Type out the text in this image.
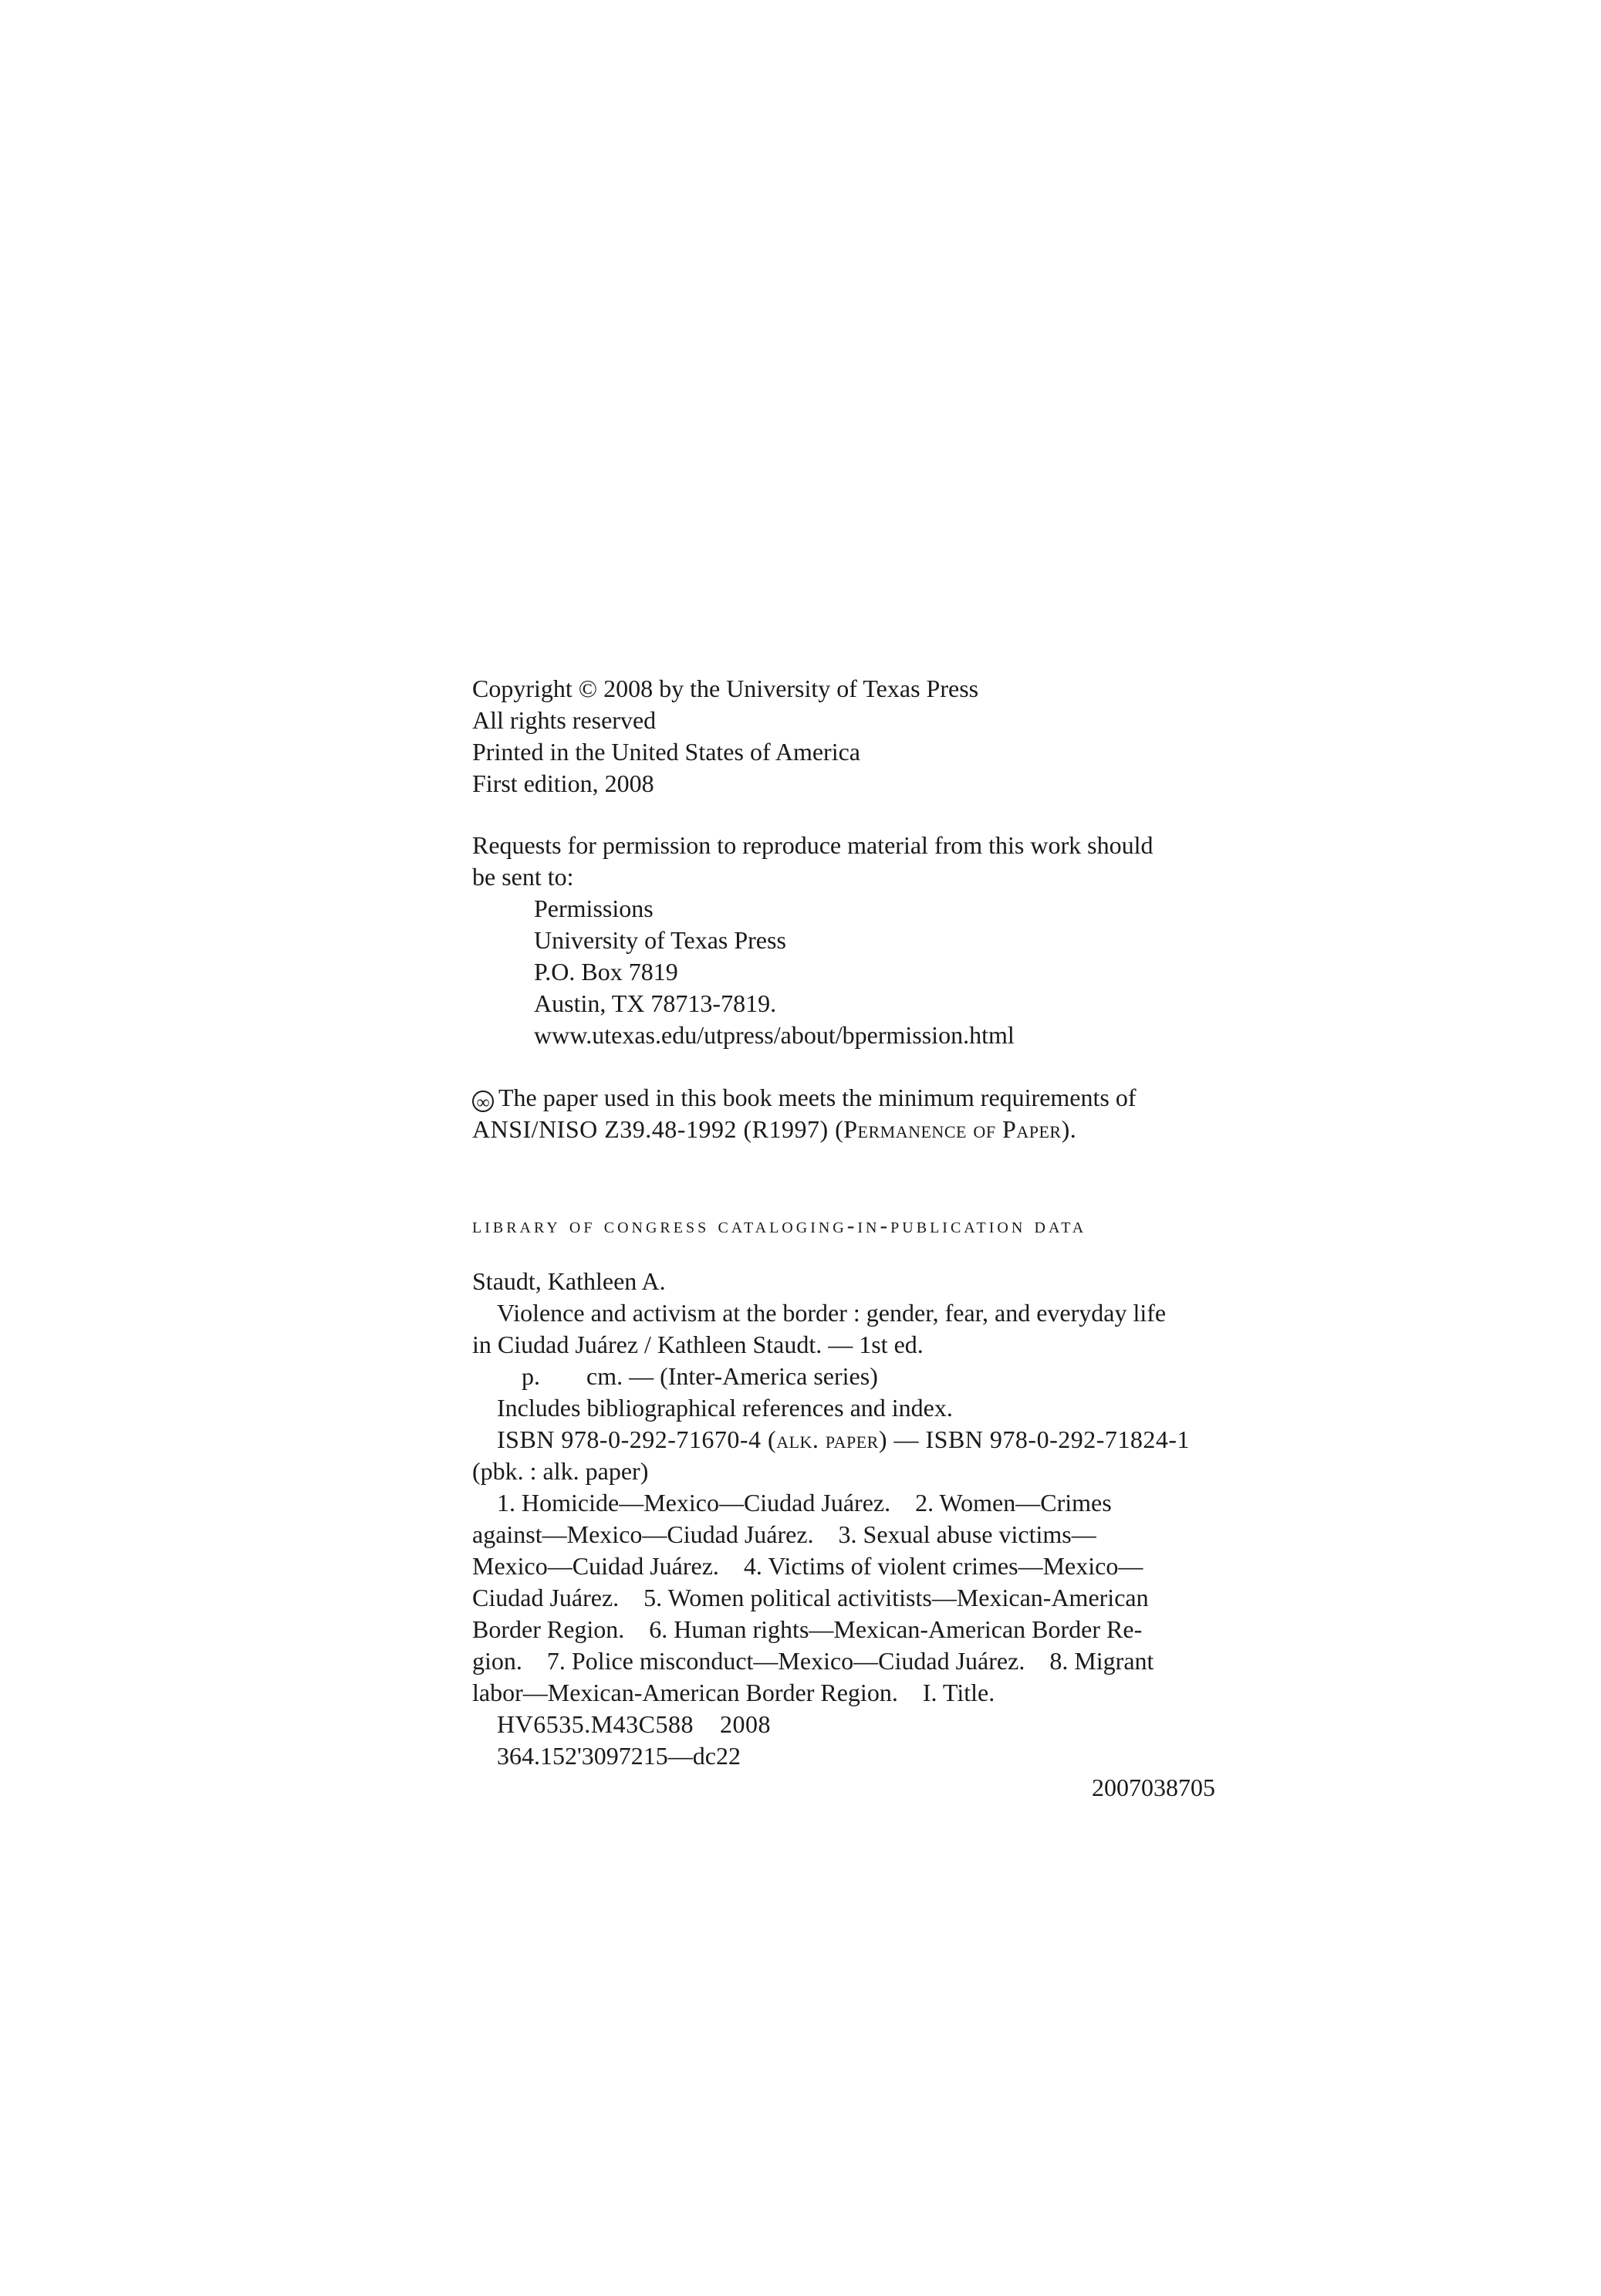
Copyright © 2008 by the University of Texas Press
All rights reserved
Printed in the United States of America
First edition, 2008
Requests for permission to reproduce material from this work should
be sent to:
Permissions
University of Texas Press
P.O. Box 7819
Austin, TX 78713-7819.
www.utexas.edu/utpress/about/bpermission.html
∞ The paper used in this book meets the minimum requirements of
ANSI/NISO Z39.48-1992 (R1997) (Permanence of Paper).
library of congress cataloging-in-publication data
Staudt, Kathleen A.
Violence and activism at the border : gender, fear, and everyday life
in Ciudad Juárez / Kathleen Staudt. — 1st ed.
p. cm. — (Inter-America series)
Includes bibliographical references and index.
ISBN 978-0-292-71670-4 (alk. paper) — ISBN 978-0-292-71824-1
(pbk. : alk. paper)
1. Homicide—Mexico—Ciudad Juárez.    2. Women—Crimes
against—Mexico—Ciudad Juárez.    3. Sexual abuse victims—
Mexico—Cuidad Juárez.    4. Victims of violent crimes—Mexico—
Ciudad Juárez.    5. Women political activitists—Mexican-American
Border Region.    6. Human rights—Mexican-American Border Re-
gion.    7. Police misconduct—Mexico—Ciudad Juárez.    8. Migrant
labor—Mexican-American Border Region.    I. Title.
HV6535.M43C588    2008
364.152'3097215—dc22
2007038705
